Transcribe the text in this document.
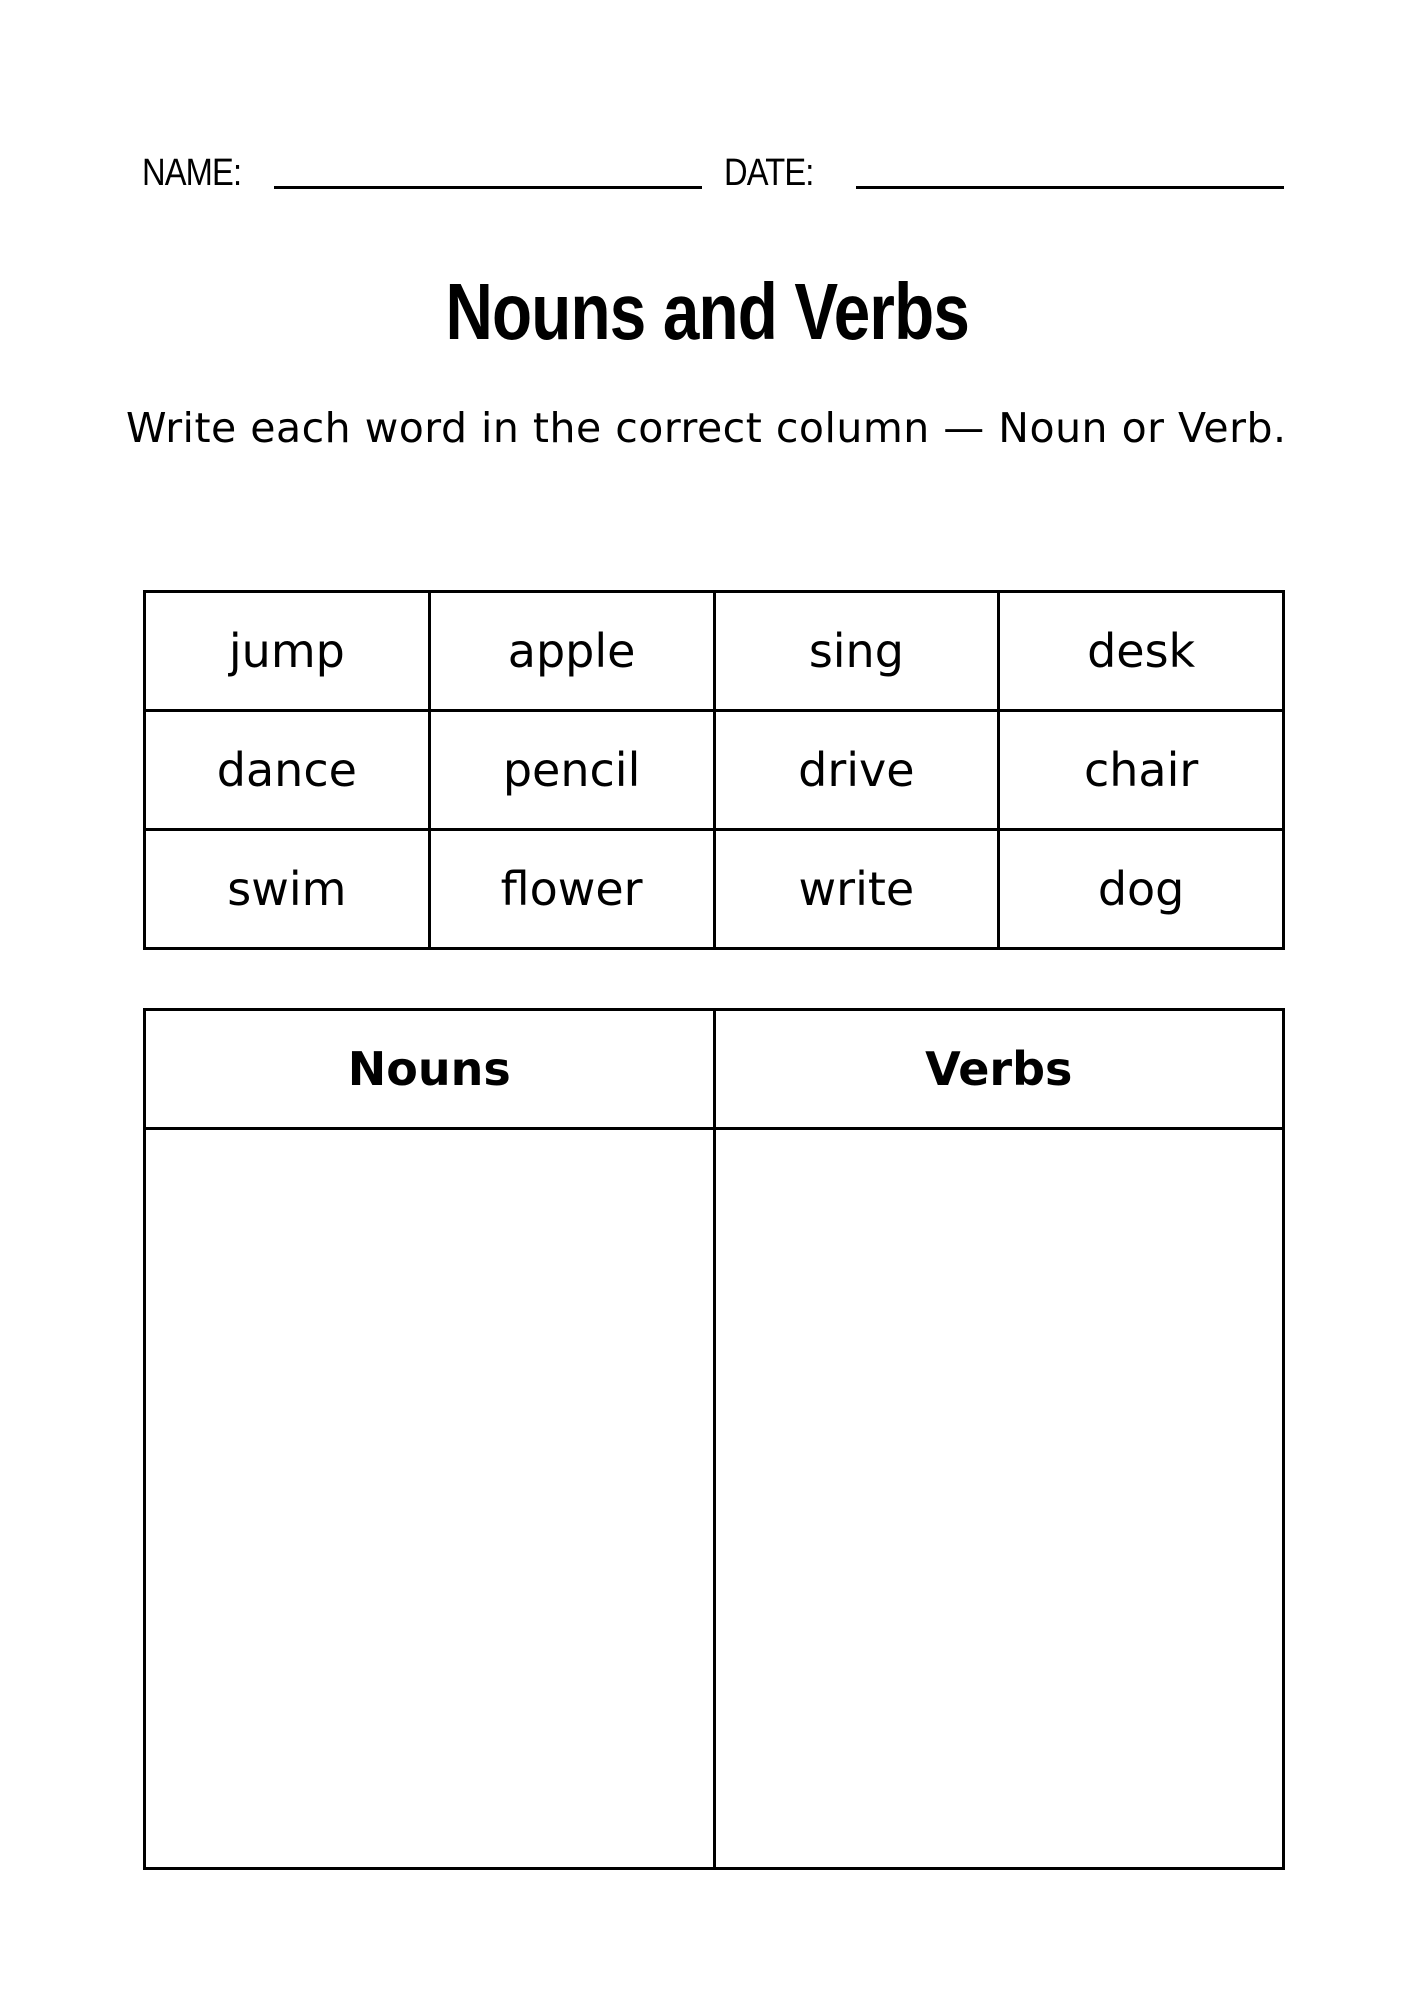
NAME:	DATE:
Nouns and Verbs
Write each word in the correct column — Noun or Verb.
jump	apple	sing	desk
dance	pencil	drive	chair
swim	flower	write	dog
Nouns	Verbs
